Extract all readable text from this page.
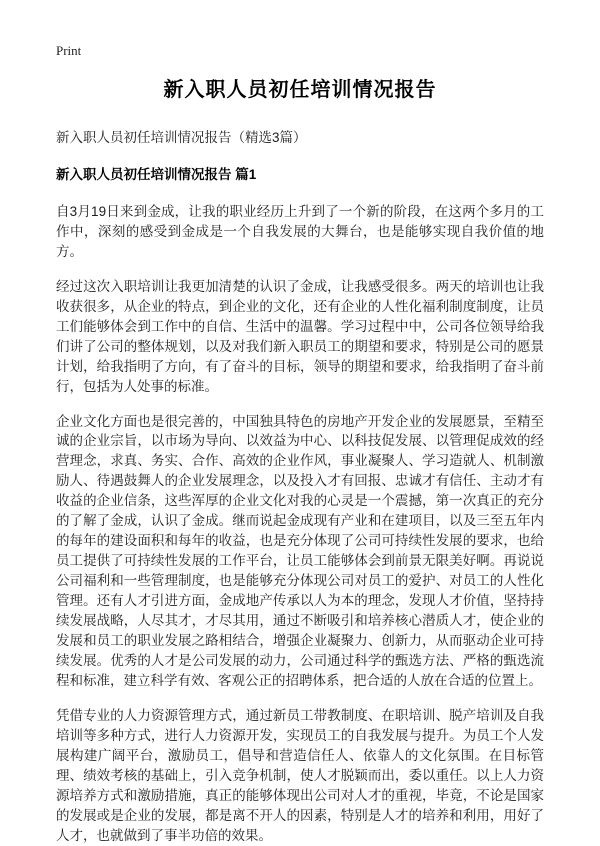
Print
新入职人员初任培训情况报告
新入职人员初任培训情况报告（精选3篇）
新入职人员初任培训情况报告 篇1

自3月19日来到金成，让我的职业经历上升到了一个新的阶段，在这两个多月的工作中，深刻的感受到金成是一个自我发展的大舞台，也是能够实现自我价值的地方。

经过这次入职培训让我更加清楚的认识了金成，让我感受很多。两天的培训也让我收获很多，从企业的特点，到企业的文化，还有企业的人性化福利制度制度，让员工们能够体会到工作中的自信、生活中的温馨。学习过程中中，公司各位领导给我们讲了公司的整体规划，以及对我们新入职员工的期望和要求，特别是公司的愿景计划，给我指明了方向，有了奋斗的目标，领导的期望和要求，给我指明了奋斗前行，包括为人处事的标准。

企业文化方面也是很完善的，中国独具特色的房地产开发企业的发展愿景，至精至诚的企业宗旨，以市场为导向、以效益为中心、以科技促发展、以管理促成效的经营理念，求真、务实、合作、高效的企业作风，事业凝聚人、学习造就人、机制激励人、待遇鼓舞人的企业发展理念，以及投入才有回报、忠诚才有信任、主动才有收益的企业信条，这些浑厚的企业文化对我的心灵是一个震撼，第一次真正的充分的了解了金成，认识了金成。继而说起金成现有产业和在建项目，以及三至五年内的每年的建设面积和每年的收益，也是充分体现了公司可持续性发展的要求，也给员工提供了可持续性发展的工作平台，让员工能够体会到前景无限美好啊。再说说公司福利和一些管理制度，也是能够充分体现公司对员工的爱护、对员工的人性化管理。还有人才引进方面，金成地产传承以人为本的理念，发现人才价值，坚持持续发展战略，人尽其才，才尽其用，通过不断吸引和培养核心潜质人才，使企业的发展和员工的职业发展之路相结合，增强企业凝聚力、创新力，从而驱动企业可持续发展。优秀的人才是公司发展的动力，公司通过科学的甄选方法、严格的甄选流程和标准，建立科学有效、客观公正的招聘体系，把合适的人放在合适的位置上。

凭借专业的人力资源管理方式，通过新员工带教制度、在职培训、脱产培训及自我培训等多种方式，进行人力资源开发，实现员工的自我发展与提升。为员工个人发展构建广阔平台，激励员工，倡导和营造信任人、依靠人的文化氛围。在目标管理、绩效考核的基础上，引入竞争机制，使人才脱颖而出，委以重任。以上人力资源培养方式和激励措施，真正的能够体现出公司对人才的重视，毕竟，不论是国家的发展或是企业的发展，都是离不开人的因素，特别是人才的培养和利用，用好了人才，也就做到了事半功倍的效果。
